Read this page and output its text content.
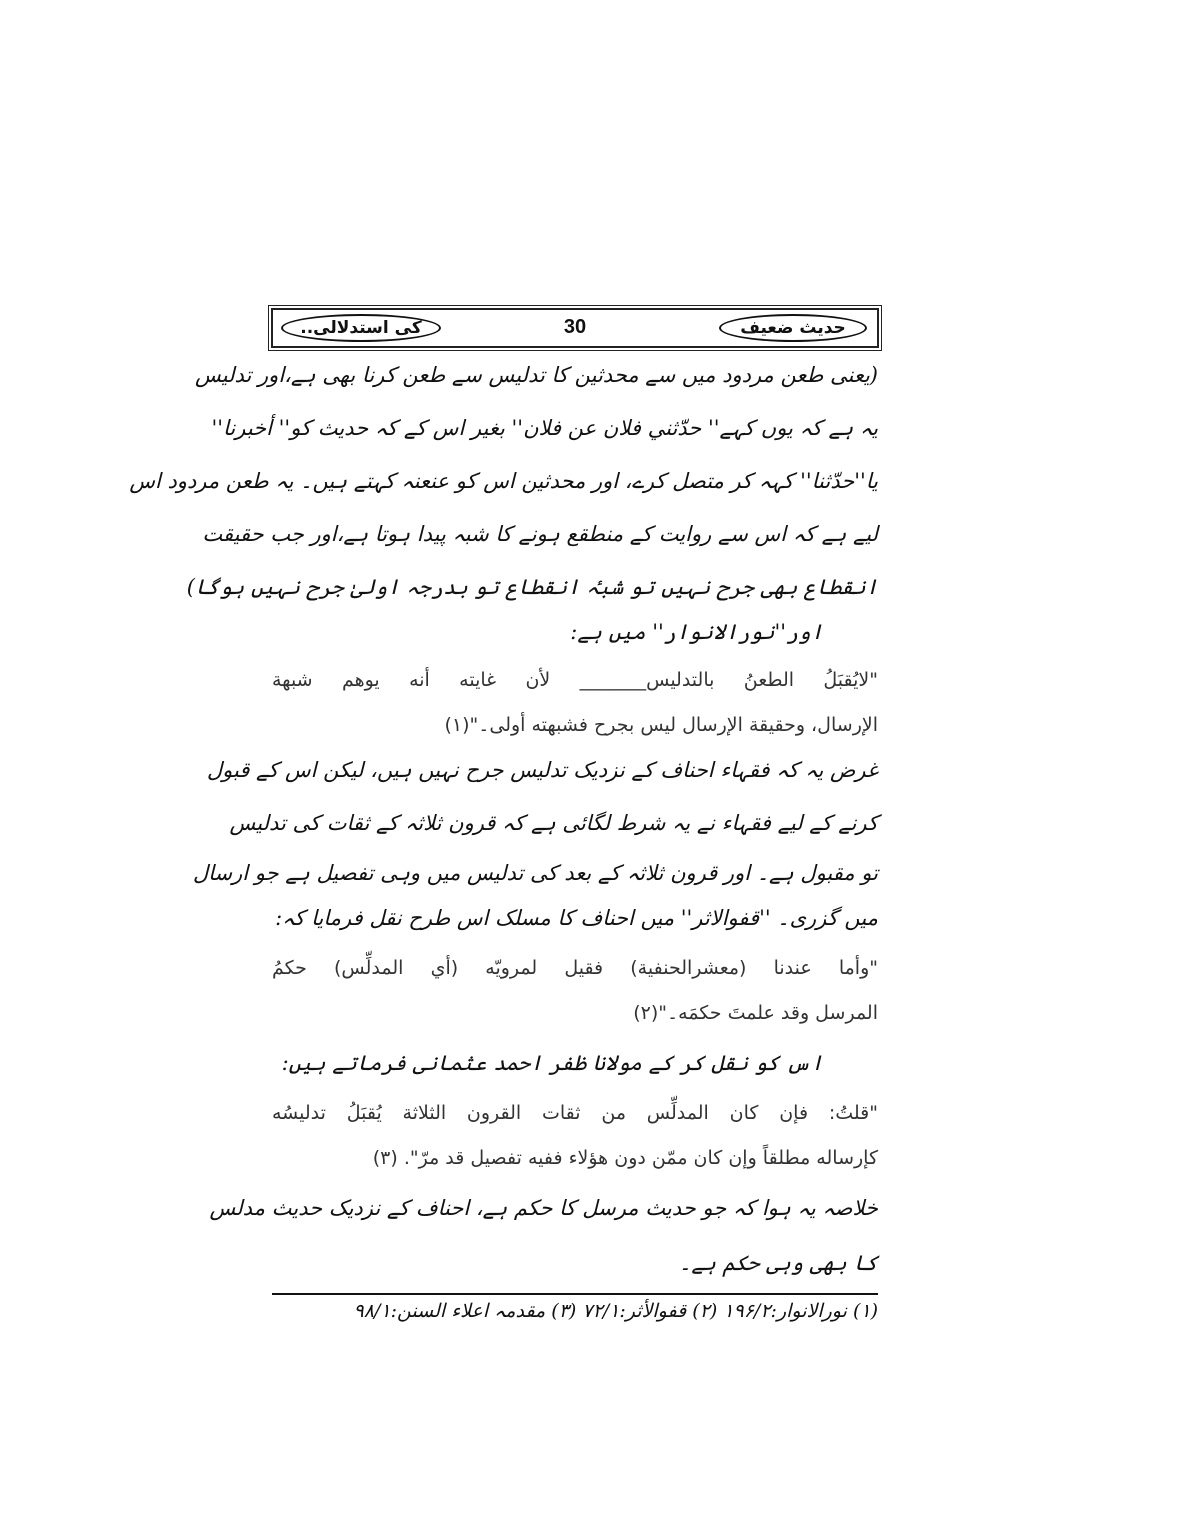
حدیث ضعیف
30
کی استدلالی..
(یعنی طعن مردود میں سے محدثین کا تدلیس سے طعن کرنا بھی ہے،اور تدلیس
یہ ہے کہ یوں کہے'' حدّثني فلان عن فلان'' بغیر اس کے کہ حدیث کو'' أخبرنا''
یا''حدّثنا'' کہہ کر متصل کرے، اور محدثین اس کو عنعنہ کہتے ہیں۔ یہ طعن مردود اس
لیے ہے کہ اس سے روایت کے منطقع ہونے کا شبہ پیدا ہوتا ہے،اور جب حقیقت
انقطاع بھی جرح نہیں تو شبہٴ انقطاع تو بدرجہ اولیٰ جرح نہیں ہوگا)
اور''نورالانوار'' میں ہے:
"لایُقبَلُ الطعنُ بالتدلیس_______ لأن غایته أنه یوهم شبهة
الإرسال، وحقیقة الإرسال لیس بجرح فشبهته أولی۔"(۱)
غرض یہ کہ فقہاء احناف کے نزدیک تدلیس جرح نہیں ہیں، لیکن اس کے قبول
کرنے کے لیے فقہاء نے یہ شرط لگائی ہے کہ قرون ثلاثہ کے ثقات کی تدلیس
تو مقبول ہے۔ اور قرون ثلاثہ کے بعد کی تدلیس میں وہی تفصیل ہے جو ارسال
میں گزری۔ ''قفوالاثر'' میں احناف کا مسلک اس طرح نقل فرمایا کہ:
"وأما عندنا (معشرالحنفیة) فقیل لمرویّه (أي المدلِّس) حکمُ
المرسل وقد علمتَ حکمَه۔"(۲)
اس کو نقل کر کے مولانا ظفر احمد عثمانی فرماتے ہیں:
"قلتُ: فإن کان المدلِّس من ثقات القرون الثلاثة یُقبَلُ تدلیسُه
کإرساله مطلقاً وإن کان ممّن دون هؤلاء ففیه تفصیل قد مرّ". (۳)
خلاصہ یہ ہوا کہ جو حدیث مرسل کا حکم ہے، احناف کے نزدیک حدیث مدلس
کا بھی وہی حکم ہے۔
(۱) نورالانوار:۱۹۶/۲ (۲) قفوالأثر:۷۲/۱ (۳) مقدمہ اعلاء السنن:۹۸/۱
